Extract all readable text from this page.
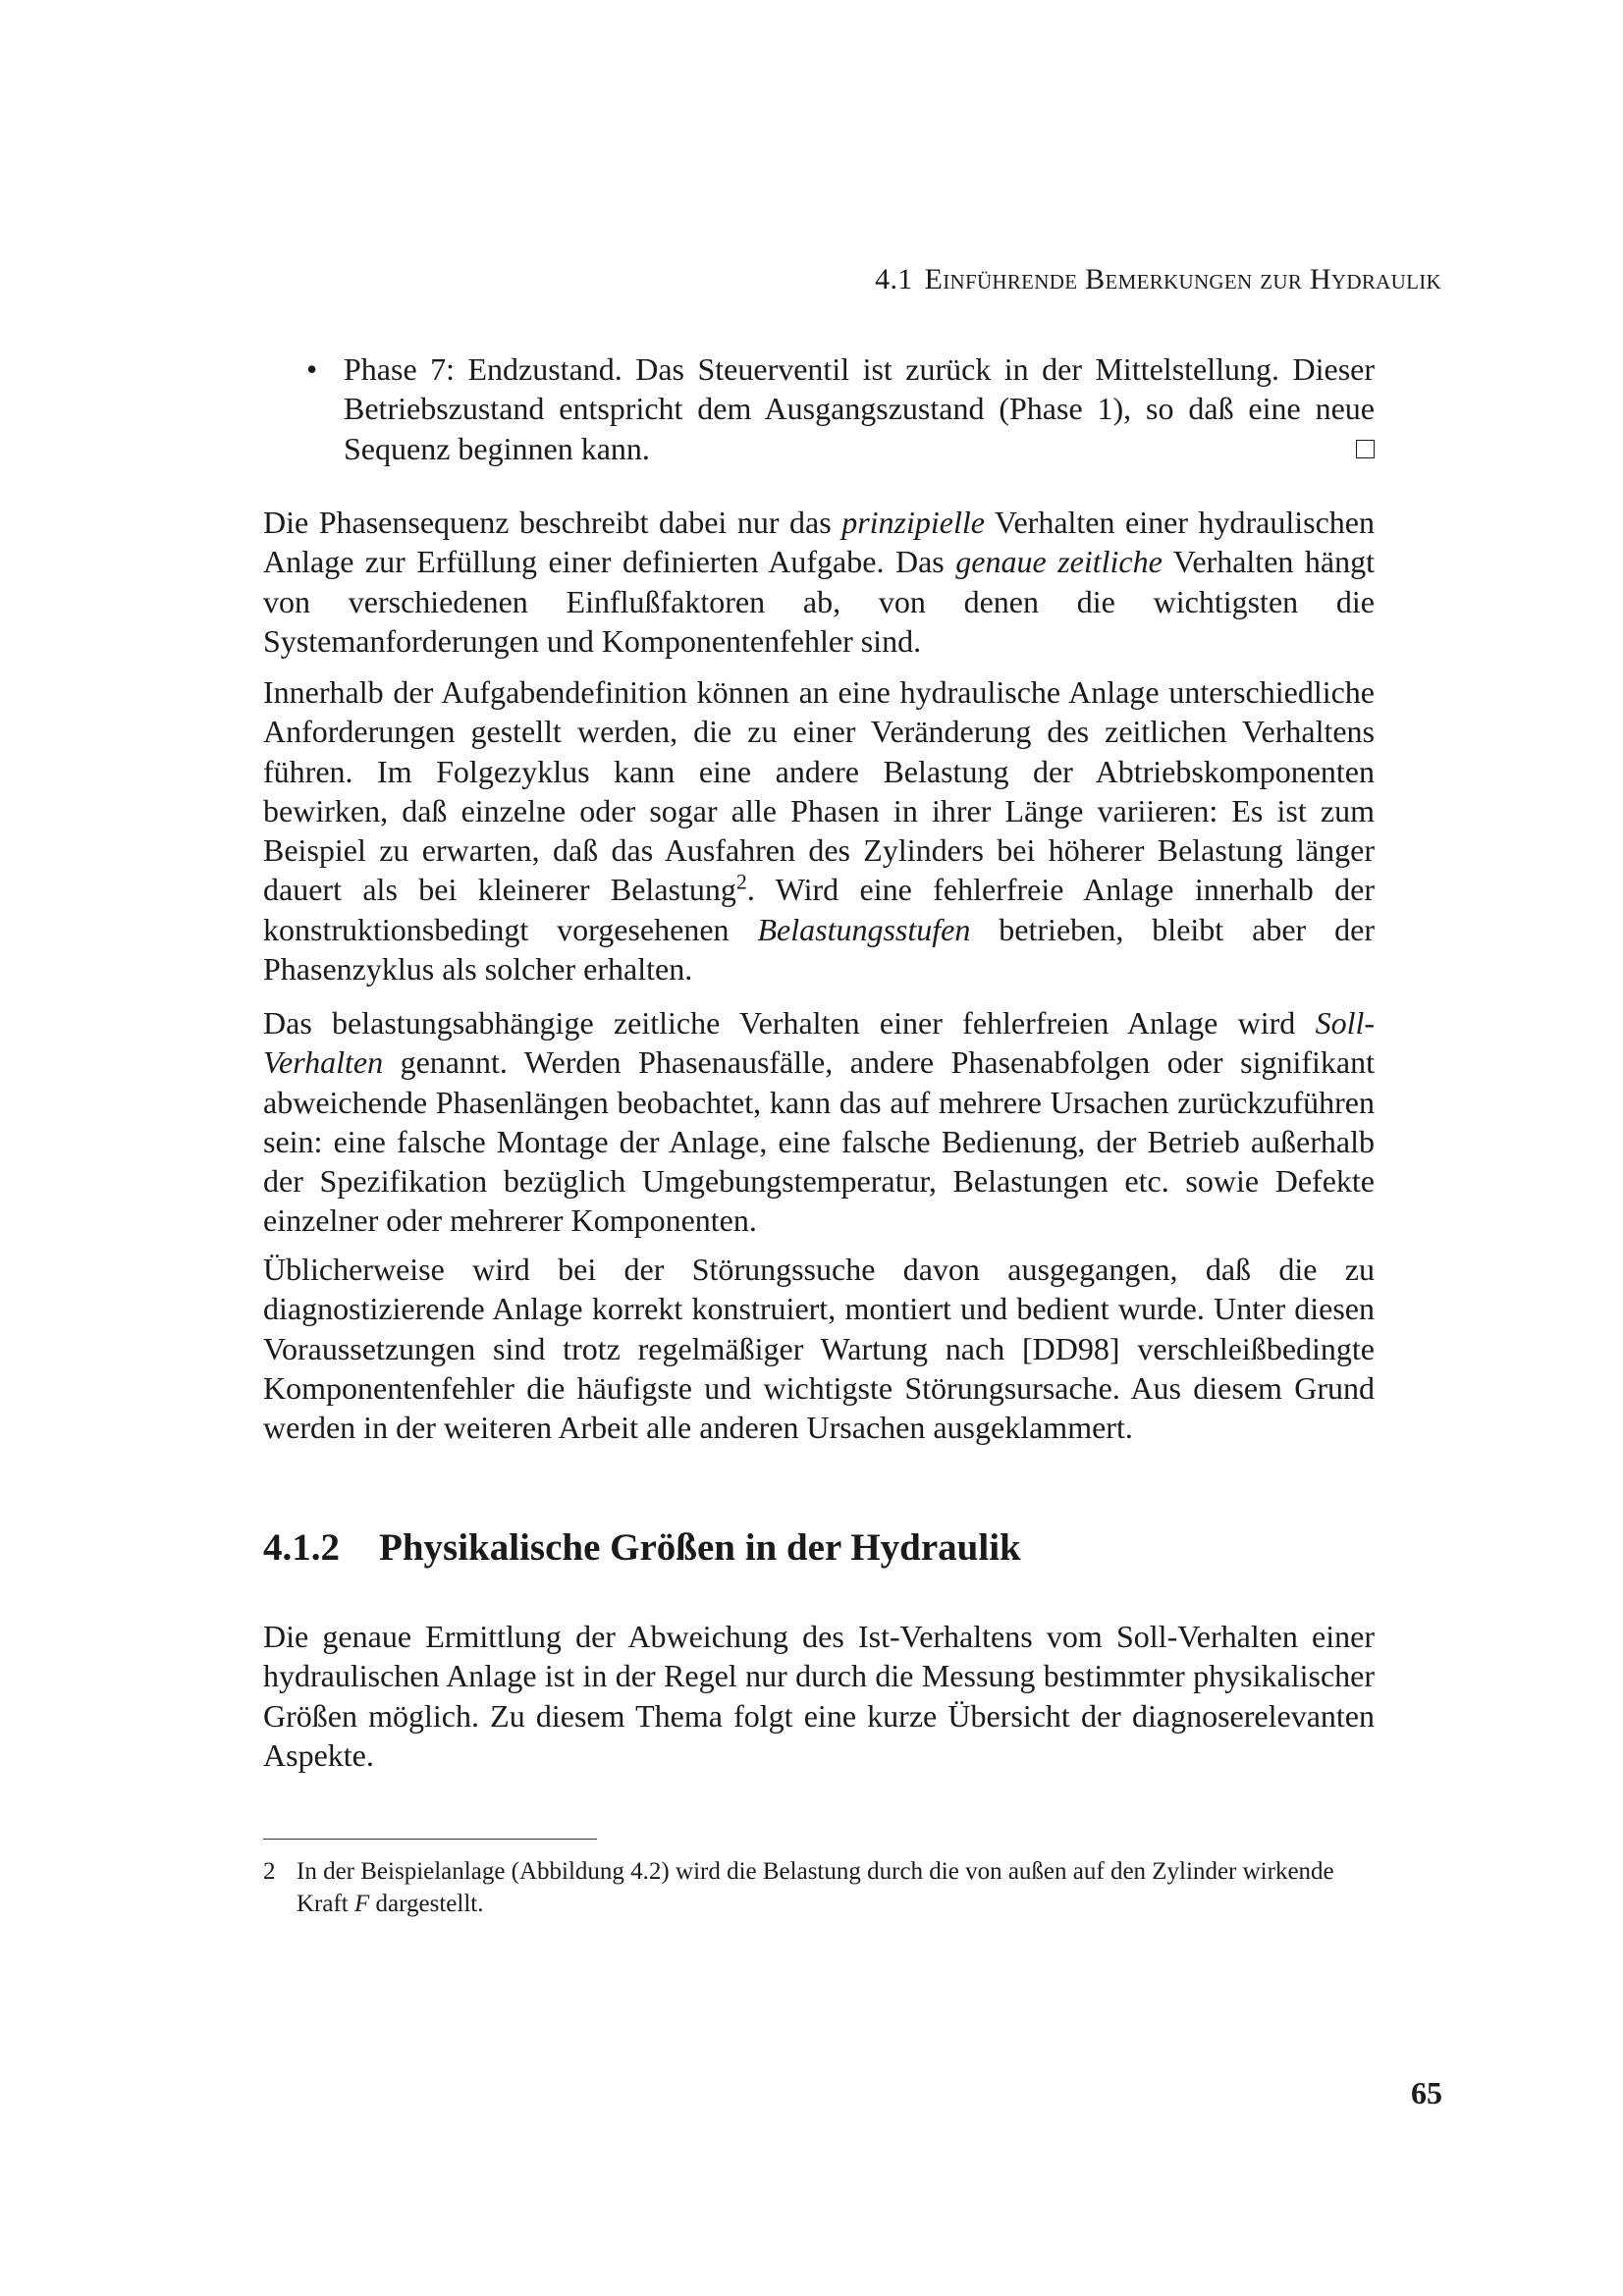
4.1 Einführende Bemerkungen zur Hydraulik
• Phase 7: Endzustand. Das Steuerventil ist zurück in der Mittelstellung. Dieser Betriebszustand entspricht dem Ausgangszustand (Phase 1), so daß eine neue Sequenz beginnen kann.

Die Phasensequenz beschreibt dabei nur das prinzipielle Verhalten einer hydraulischen Anlage zur Erfüllung einer definierten Aufgabe. Das genaue zeitliche Verhalten hängt von verschiedenen Einflußfaktoren ab, von denen die wichtigsten die Systemanforderungen und Komponentenfehler sind.

Innerhalb der Aufgabendefinition können an eine hydraulische Anlage unterschiedliche Anforderungen gestellt werden, die zu einer Veränderung des zeitlichen Verhaltens führen. Im Folgezyklus kann eine andere Belastung der Abtriebskomponenten bewirken, daß einzelne oder sogar alle Phasen in ihrer Länge variieren: Es ist zum Beispiel zu erwarten, daß das Ausfahren des Zylinders bei höherer Belastung länger dauert als bei kleinerer Belastung$^2$. Wird eine fehlerfreie Anlage innerhalb der konstruktionsbedingt vorgesehenen Belastungsstufen betrieben, bleibt aber der Phasenzyklus als solcher erhalten.

Das belastungsabhängige zeitliche Verhalten einer fehlerfreien Anlage wird Soll-Verhalten genannt. Werden Phasenausfälle, andere Phasenabfolgen oder signifikant abweichende Phasenlängen beobachtet, kann das auf mehrere Ursachen zurückzuführen sein: eine falsche Montage der Anlage, eine falsche Bedienung, der Betrieb außerhalb der Spezifikation bezüglich Umgebungstemperatur, Belastungen etc. sowie Defekte einzelner oder mehrerer Komponenten.

Üblicherweise wird bei der Störungssuche davon ausgegangen, daß die zu diagnostizierende Anlage korrekt konstruiert, montiert und bedient wurde. Unter diesen Voraussetzungen sind trotz regelmäßiger Wartung nach [DD98] verschleißbedingte Komponentenfehler die häufigste und wichtigste Störungsursache. Aus diesem Grund werden in der weiteren Arbeit alle anderen Ursachen ausgeklammert.

4.1.2 Physikalische Größen in der Hydraulik

Die genaue Ermittlung der Abweichung des Ist-Verhaltens vom Soll-Verhalten einer hydraulischen Anlage ist in der Regel nur durch die Messung bestimmter physikalischer Größen möglich. Zu diesem Thema folgt eine kurze Übersicht der diagnoserelevanten Aspekte.

2 In der Beispielanlage (Abbildung 4.2) wird die Belastung durch die von außen auf den Zylinder wirkende Kraft F dargestellt.
65
